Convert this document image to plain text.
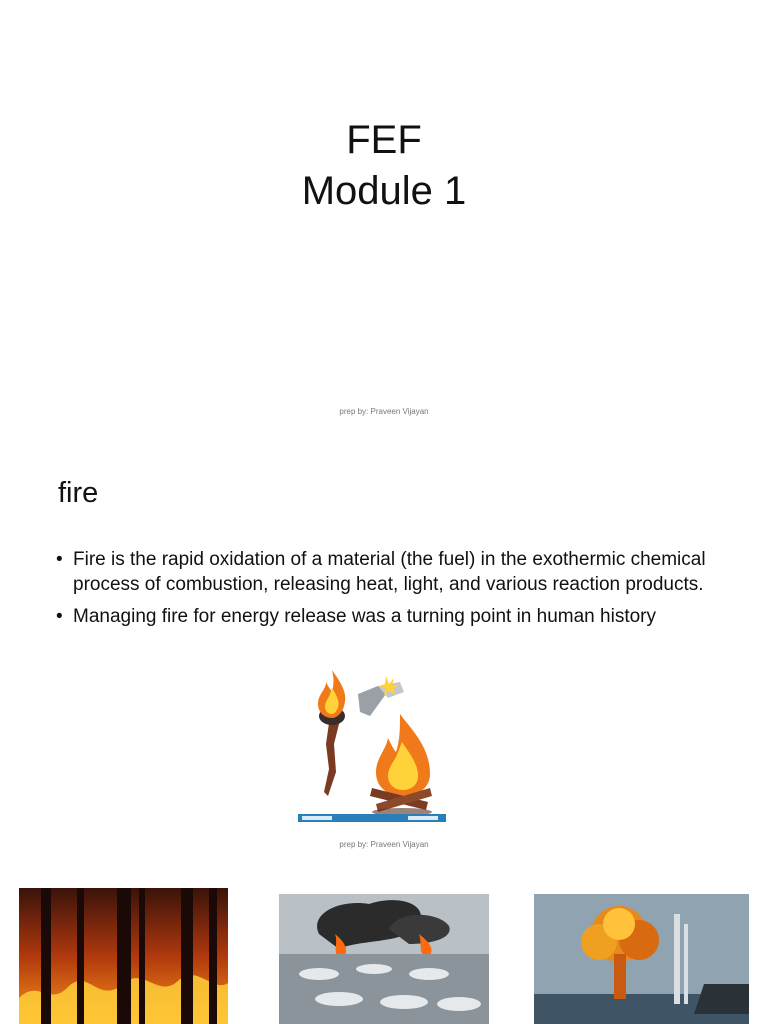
FEF
Module 1
prep by: Praveen Vijayan
fire
• Fire is the rapid oxidation of a material (the fuel) in the exothermic chemical process of combustion, releasing heat, light, and various reaction products.
• Managing fire for energy release was a turning point in human history
prep by: Praveen Vijayan
